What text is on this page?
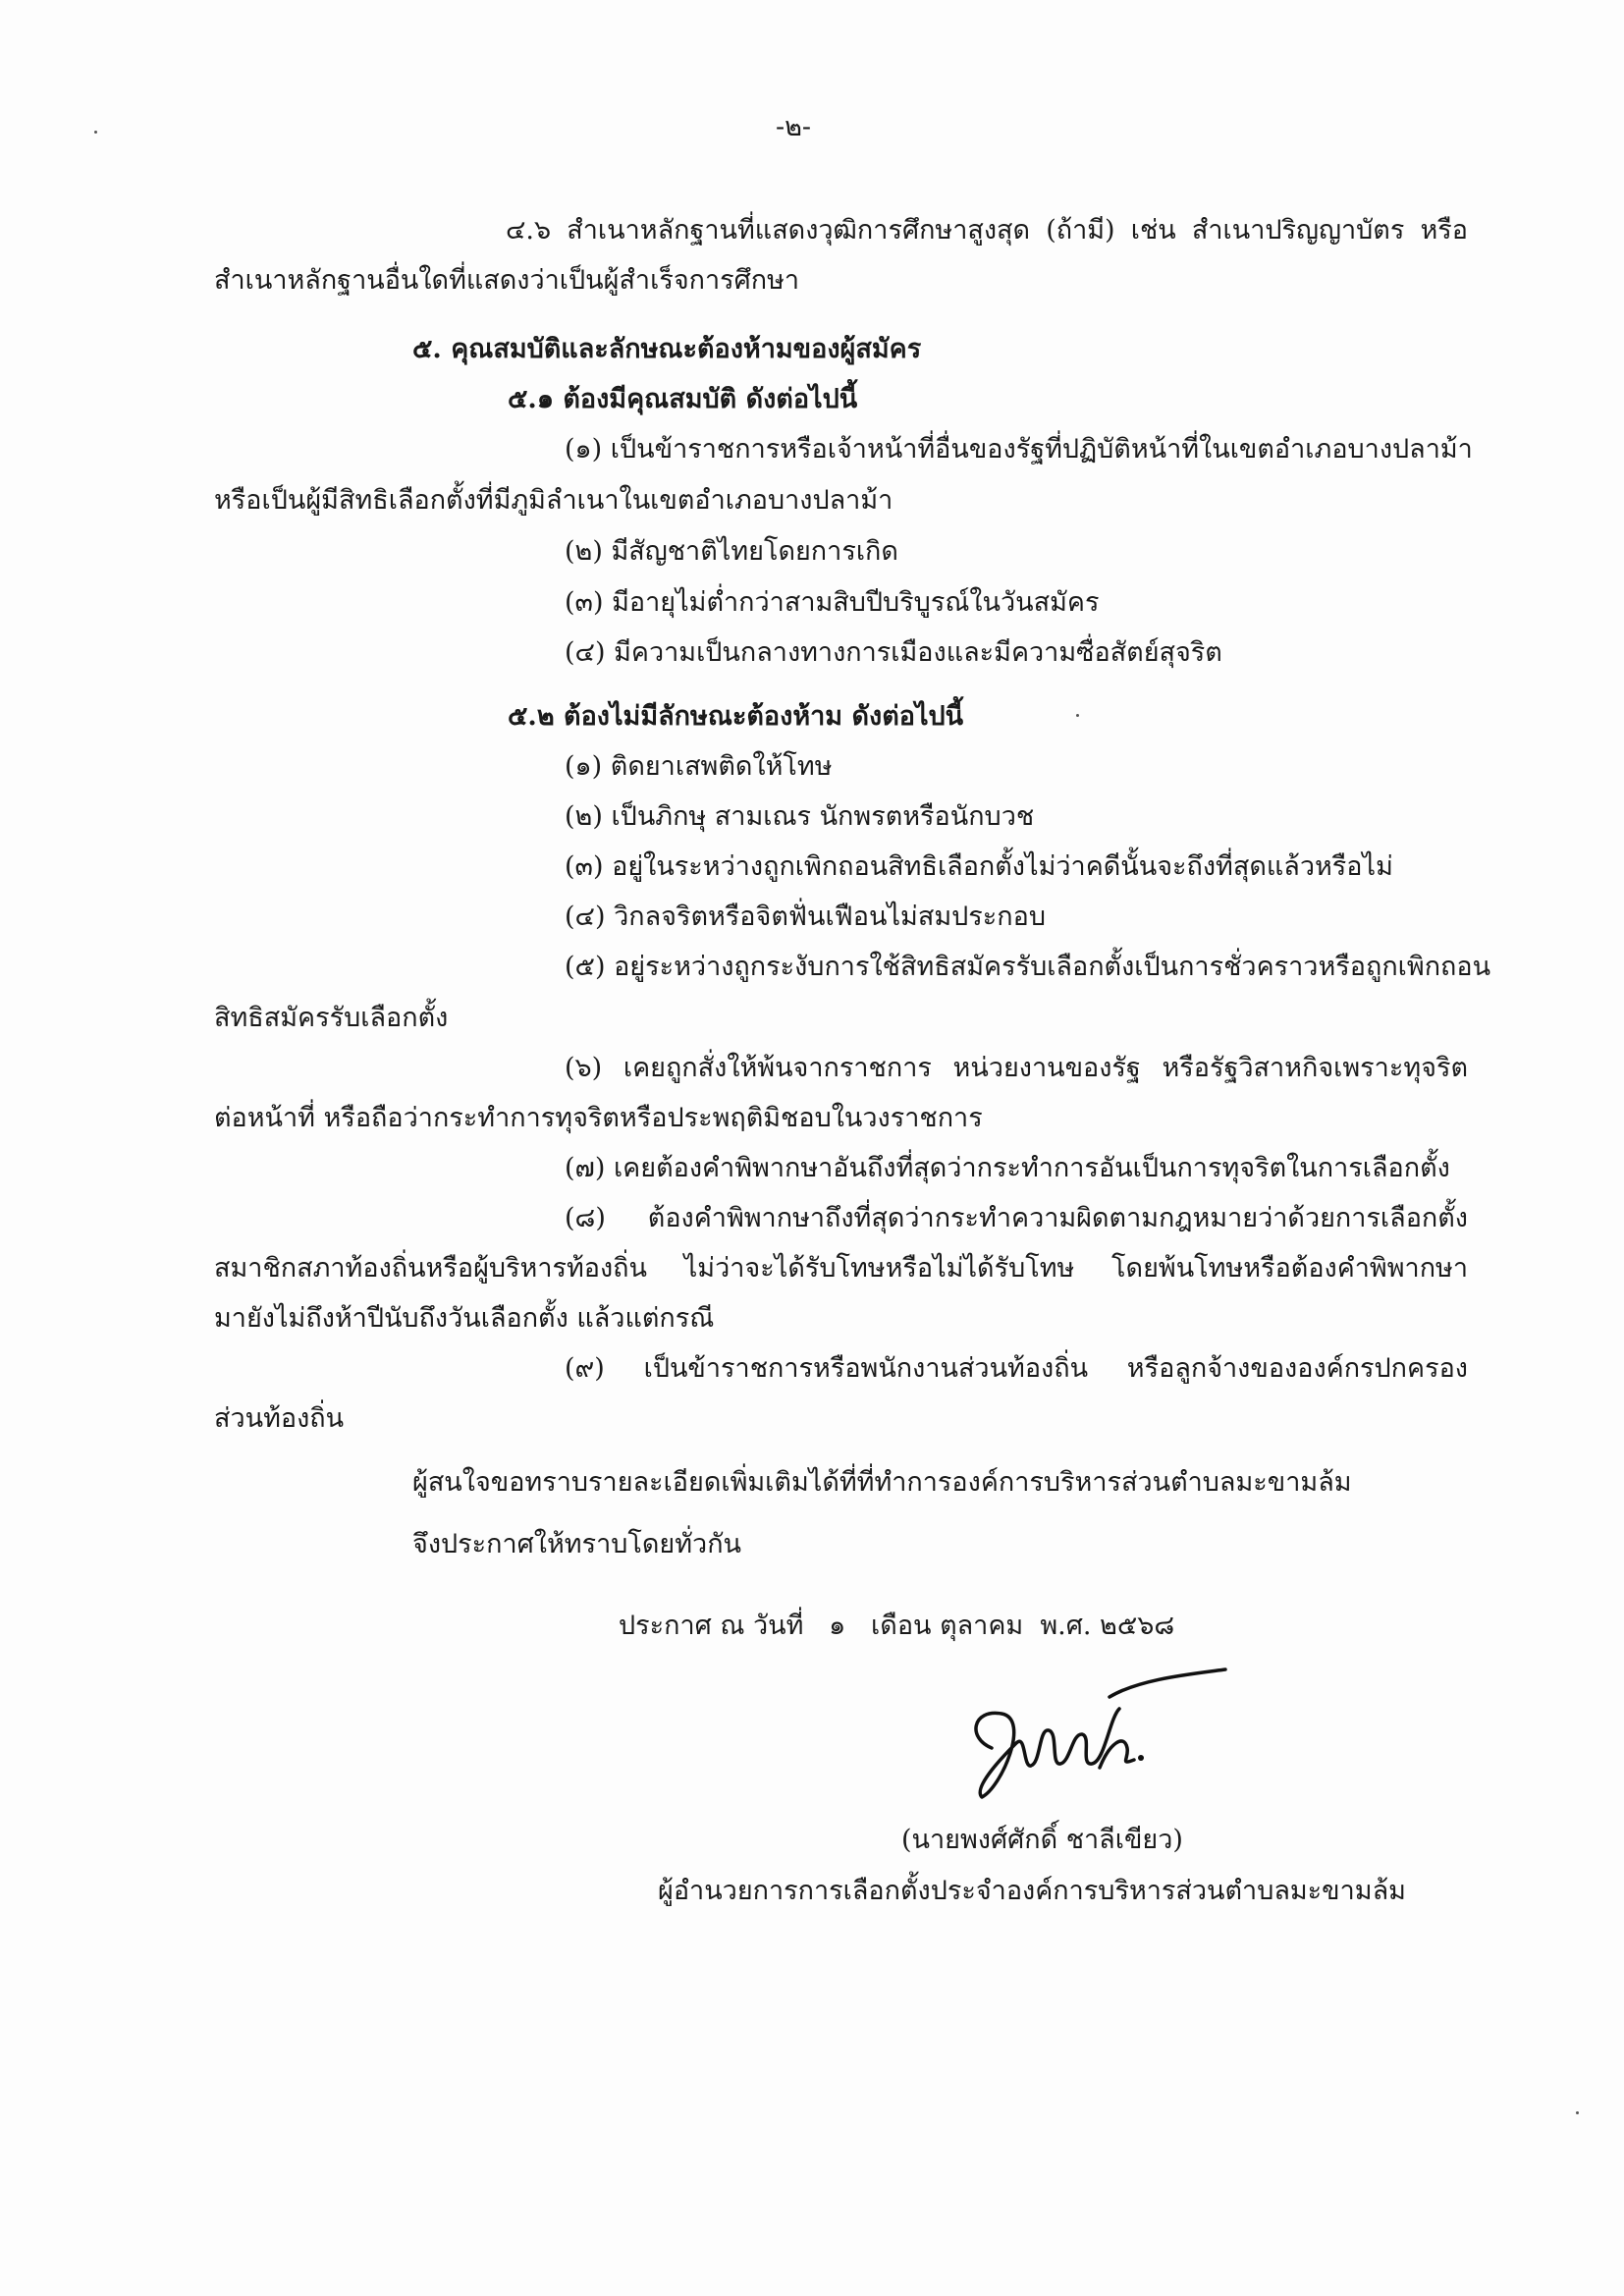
-๒-
๔.๖ สำเนาหลักฐานที่แสดงวุฒิการศึกษาสูงสุด (ถ้ามี) เช่น สำเนาปริญญาบัตร หรือ
สำเนาหลักฐานอื่นใดที่แสดงว่าเป็นผู้สำเร็จการศึกษา
๕. คุณสมบัติและลักษณะต้องห้ามของผู้สมัคร
๕.๑ ต้องมีคุณสมบัติ ดังต่อไปนี้
(๑) เป็นข้าราชการหรือเจ้าหน้าที่อื่นของรัฐที่ปฏิบัติหน้าที่ในเขตอำเภอบางปลาม้า
หรือเป็นผู้มีสิทธิเลือกตั้งที่มีภูมิลำเนาในเขตอำเภอบางปลาม้า
(๒) มีสัญชาติไทยโดยการเกิด
(๓) มีอายุไม่ต่ำกว่าสามสิบปีบริบูรณ์ในวันสมัคร
(๔) มีความเป็นกลางทางการเมืองและมีความซื่อสัตย์สุจริต
๕.๒ ต้องไม่มีลักษณะต้องห้าม ดังต่อไปนี้
(๑) ติดยาเสพติดให้โทษ
(๒) เป็นภิกษุ สามเณร นักพรตหรือนักบวช
(๓) อยู่ในระหว่างถูกเพิกถอนสิทธิเลือกตั้งไม่ว่าคดีนั้นจะถึงที่สุดแล้วหรือไม่
(๔) วิกลจริตหรือจิตฟั่นเฟือนไม่สมประกอบ
(๕) อยู่ระหว่างถูกระงับการใช้สิทธิสมัครรับเลือกตั้งเป็นการชั่วคราวหรือถูกเพิกถอน
สิทธิสมัครรับเลือกตั้ง
(๖) เคยถูกสั่งให้พ้นจากราชการ หน่วยงานของรัฐ หรือรัฐวิสาหกิจเพราะทุจริต
ต่อหน้าที่ หรือถือว่ากระทำการทุจริตหรือประพฤติมิชอบในวงราชการ
(๗) เคยต้องคำพิพากษาอันถึงที่สุดว่ากระทำการอันเป็นการทุจริตในการเลือกตั้ง
(๘) ต้องคำพิพากษาถึงที่สุดว่ากระทำความผิดตามกฎหมายว่าด้วยการเลือกตั้ง
สมาชิกสภาท้องถิ่นหรือผู้บริหารท้องถิ่น ไม่ว่าจะได้รับโทษหรือไม่ได้รับโทษ โดยพ้นโทษหรือต้องคำพิพากษา
มายังไม่ถึงห้าปีนับถึงวันเลือกตั้ง แล้วแต่กรณี
(๙) เป็นข้าราชการหรือพนักงานส่วนท้องถิ่น หรือลูกจ้างขององค์กรปกครอง
ส่วนท้องถิ่น
ผู้สนใจขอทราบรายละเอียดเพิ่มเติมได้ที่ที่ทำการองค์การบริหารส่วนตำบลมะขามล้ม
จึงประกาศให้ทราบโดยทั่วกัน
ประกาศ ณ วันที่   ๑   เดือน ตุลาคม  พ.ศ. ๒๕๖๘
(นายพงศ์ศักดิ์ ชาลีเขียว)
ผู้อำนวยการการเลือกตั้งประจำองค์การบริหารส่วนตำบลมะขามล้ม
